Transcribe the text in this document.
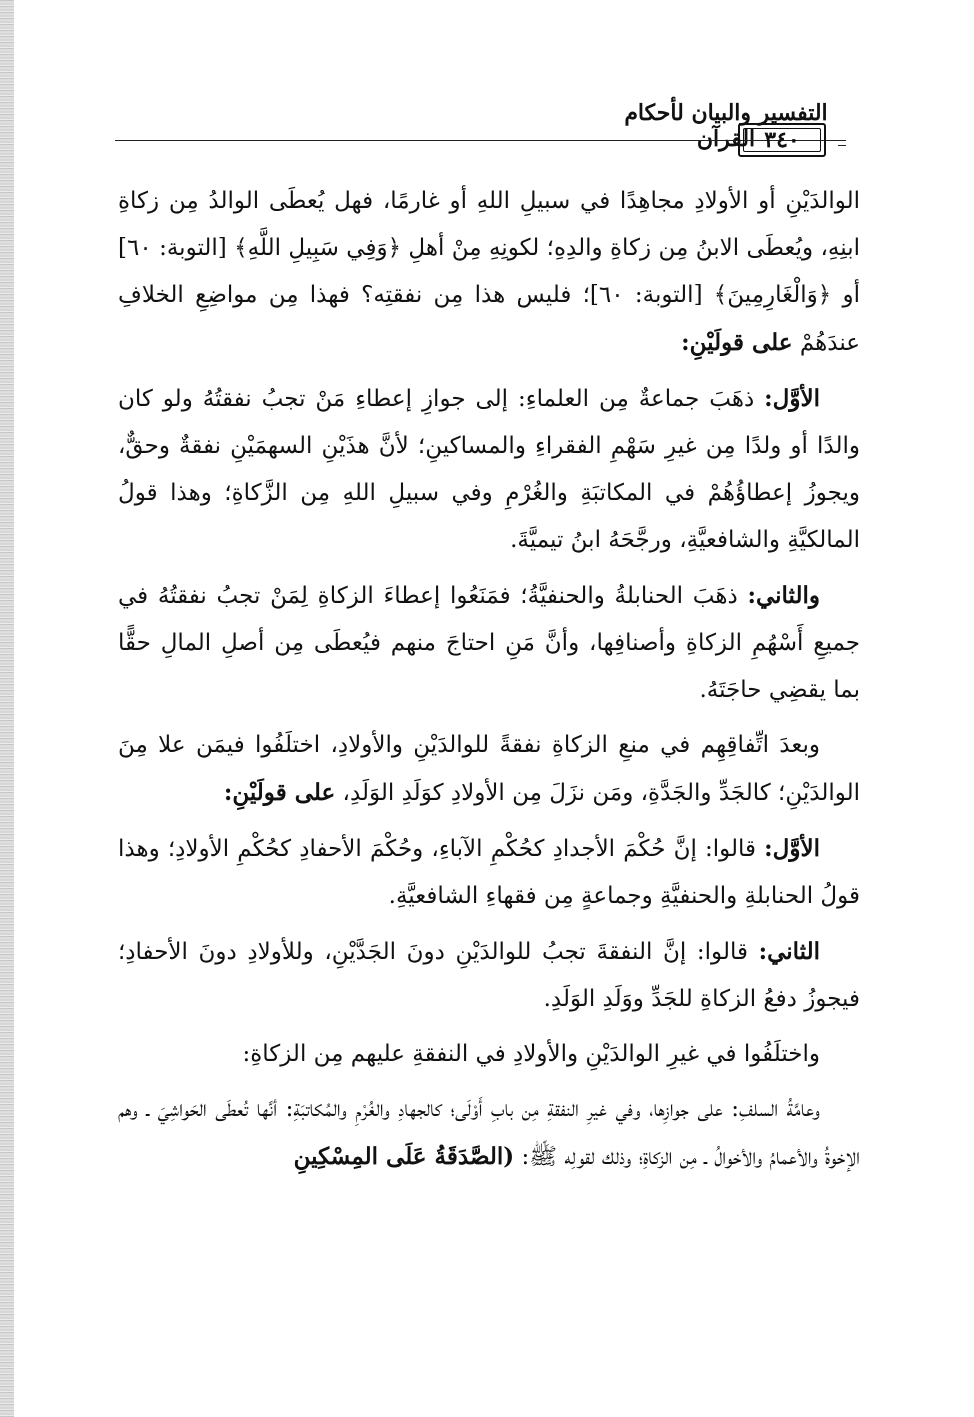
التفسير والبيان لأحكام القرآن ٣٤٠

الوالدَيْنِ أو الأولادِ مجاهِدًا في سبيلِ اللهِ أو غارمًا، فهل يُعطَى الوالدُ مِن زكاةِ ابنِهِ، ويُعطَى الابنُ مِن زكاةِ والدِهِ؛ لكونِهِ مِنْ أهلِ ﴿وَفِي سَبِيلِ اللَّهِ﴾ [التوبة: ٦٠] أو ﴿وَالْغَارِمِينَ﴾ [التوبة: ٦٠]؛ فليس هذا مِن نفقتِه؟ فهذا مِن مواضِعِ الخلافِ عندَهُمْ على قولَيْنِ:

الأوَّل: ذهَبَ جماعةٌ مِن العلماءِ: إلى جوازِ إعطاءِ مَنْ تجبُ نفقتُهُ ولو كان والدًا أو ولدًا مِن غيرِ سَهْمِ الفقراءِ والمساكينِ؛ لأنَّ هذَيْنِ السهمَيْنِ نفقةٌ وحقٌّ، ويجوزُ إعطاؤُهُمْ في المكاتبَةِ والغُرْمِ وفي سبيلِ اللهِ مِن الزَّكاةِ؛ وهذا قولُ المالكيَّةِ والشافعيَّةِ، ورجَّحَهُ ابنُ تيميَّةَ.

والثاني: ذهَبَ الحنابلةُ والحنفيَّةُ؛ فمَنَعُوا إعطاءَ الزكاةِ لِمَنْ تجبُ نفقتُهُ في جميعِ أَسْهُمِ الزكاةِ وأصنافِها، وأنَّ مَنِ احتاجَ منهم فيُعطَى مِن أصلِ المالِ حقًّا بما يقضِي حاجَتَهُ.

وبعدَ اتِّفاقِهِم في منعِ الزكاةِ نفقةً للوالدَيْنِ والأولادِ، اختلَفُوا فيمَن علا مِنَ الوالدَيْنِ؛ كالجَدِّ والجَدَّةِ، ومَن نزَلَ مِن الأولادِ كوَلَدِ الوَلَدِ، على قولَيْنِ:

الأوَّل: قالوا: إنَّ حُكْمَ الأجدادِ كحُكْمِ الآباءِ، وحُكْمَ الأحفادِ كحُكْمِ الأولادِ؛ وهذا قولُ الحنابلةِ والحنفيَّةِ وجماعةٍ مِن فقهاءِ الشافعيَّةِ.

الثاني: قالوا: إنَّ النفقةَ تجبُ للوالدَيْنِ دونَ الجَدَّيْنِ، وللأولادِ دونَ الأحفادِ؛ فيجوزُ دفعُ الزكاةِ للجَدِّ ووَلَدِ الوَلَدِ.

واختلَفُوا في غيرِ الوالدَيْنِ والأولادِ في النفقةِ عليهم مِن الزكاةِ:

وعامَّةُ السلفِ: على جوازِها، وفي غيرِ النفقةِ مِن بابِ أَوْلَى؛ كالجهادِ والغُرْمِ والمُكاتبَةِ: أنَّها تُعطَى الحَواشِيَ ـ وهم الإخوةُ والأعمامُ والأخوالُ ـ مِن الزكاةِ؛ وذلك لقولِه ﷺ: (الصَّدَقَةُ عَلَى المِسْكِينِ
